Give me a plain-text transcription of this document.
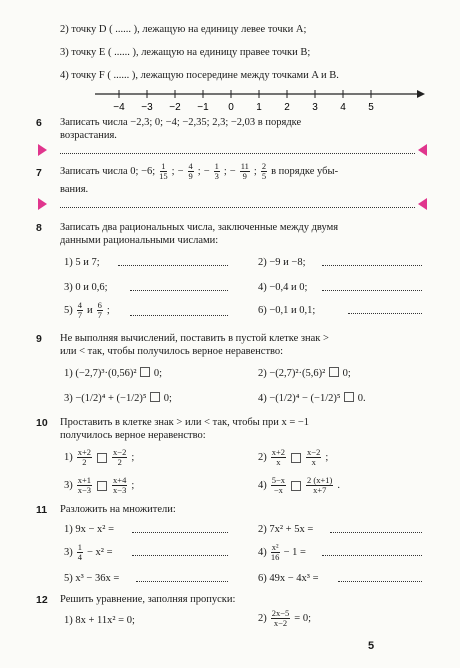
2) точку D ( ...... ), лежащую на единицу левее точки A;
3) точку E ( ...... ), лежащую на единицу правее точки B;
4) точку F ( ...... ), лежащую посередине между точками A и B.
−4 −3 −2 −1 0 1 2 3 4 5
6 Записать числа −2,3; 0; −4; −2,35; 2,3; −2,03 в порядке
возрастания.
7 Записать числа 0; −6; $\frac{1}{15}$ ; − $\frac{4}{9}$ ; − $\frac{1}{3}$ ; − $\frac{11}{9}$ ; $\frac{2}{5}$ в порядке убы-
вания.
8 Записать два рациональных числа, заключенные между двумя
данными рациональными числами:
1) 5 и 7;	2) −9 и −8;
3) 0 и 0,6;	4) −0,4 и 0;
$5) \frac{4}{7}$ и $\frac{6}{7}$ ;	6) −0,1 и 0,1;
9 Не выполняя вычислений, поставить в пустой клетке знак >
или < так, чтобы получилось верное неравенство:
1) (−2,7)³·(0,56)² 0;	2) −(2,7)²·(5,6)² 0;
3) −(1/2)⁴ + (−1/2)⁵ 0;	4) −(1/2)⁴ − (−1/2)⁵ 0.
10 Проставить в клетке знак > или < так, чтобы при x = −1
получилось верное неравенство:
$1) \frac{x+2}{2} \frac{x-2}{2}$ ;	$2) \frac{x+2}{x} \frac{x-2}{x}$ ;
$3) \frac{x+1}{x-3} \frac{x+4}{x-3}$ ;	$4) \frac{5-x}{-x} \frac{2 (x+1)}{x+7}$ .
11 Разложить на множители:
1) 9x − x² =	2) 7x² + 5x =
$3) \frac{1}{4} - x^2$ =	$4) \frac{\text{x²}}{16} - 1$ =
5) x³ − 36x =	6) 49x − 4x³ =
12 Решить уравнение, заполняя пропуски:
1) 8x + 11x² = 0;	$2) \frac{2x-5}{x-2} = 0$;
5
